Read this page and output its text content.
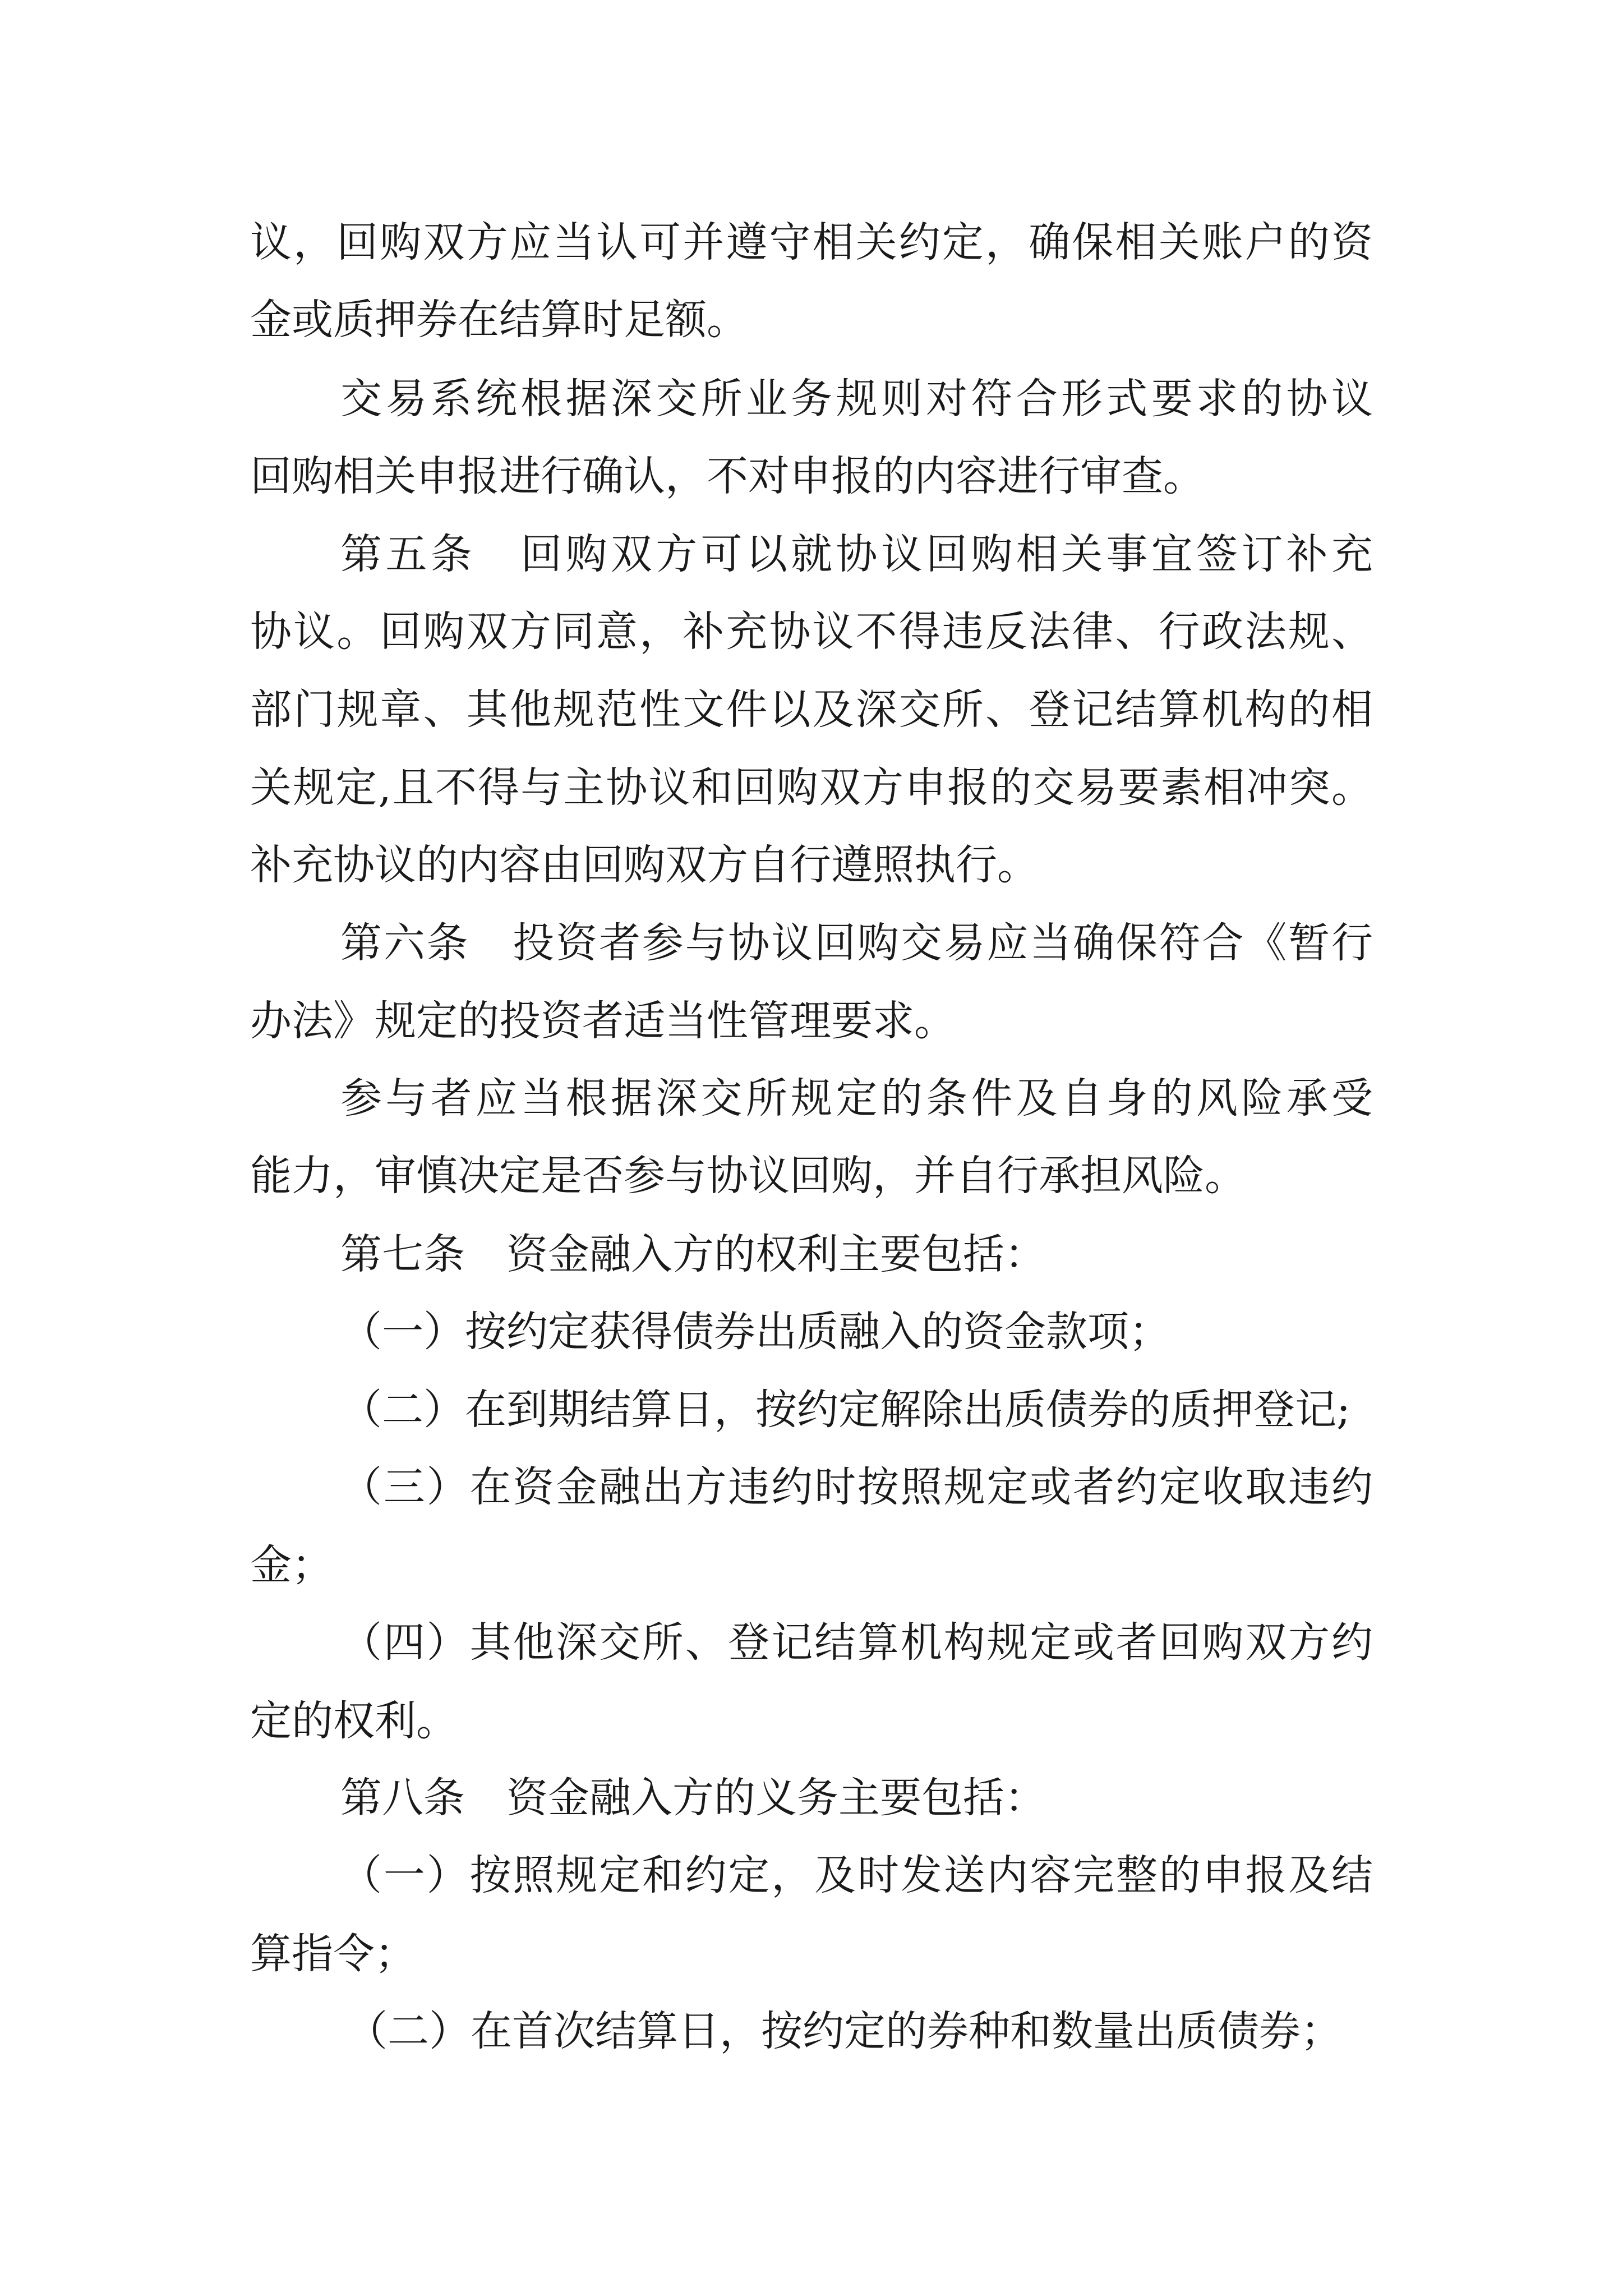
议，回购双方应当认可并遵守相关约定，确保相关账户的资

金或质押券在结算时足额。

交易系统根据深交所业务规则对符合形式要求的协议

回购相关申报进行确认，不对申报的内容进行审查。

第五条　回购双方可以就协议回购相关事宜签订补充

协议。回购双方同意，补充协议不得违反法律、行政法规、

部门规章、其他规范性文件以及深交所、登记结算机构的相

关规定,且不得与主协议和回购双方申报的交易要素相冲突。

补充协议的内容由回购双方自行遵照执行。

第六条　投资者参与协议回购交易应当确保符合《暂行

办法》规定的投资者适当性管理要求。

参与者应当根据深交所规定的条件及自身的风险承受

能力，审慎决定是否参与协议回购，并自行承担风险。

第七条　资金融入方的权利主要包括：

（一）按约定获得债券出质融入的资金款项；

（二）在到期结算日，按约定解除出质债券的质押登记;

（三）在资金融出方违约时按照规定或者约定收取违约

金；

（四）其他深交所、登记结算机构规定或者回购双方约

定的权利。

第八条　资金融入方的义务主要包括：

（一）按照规定和约定，及时发送内容完整的申报及结

算指令；

（二）在首次结算日，按约定的券种和数量出质债券；
